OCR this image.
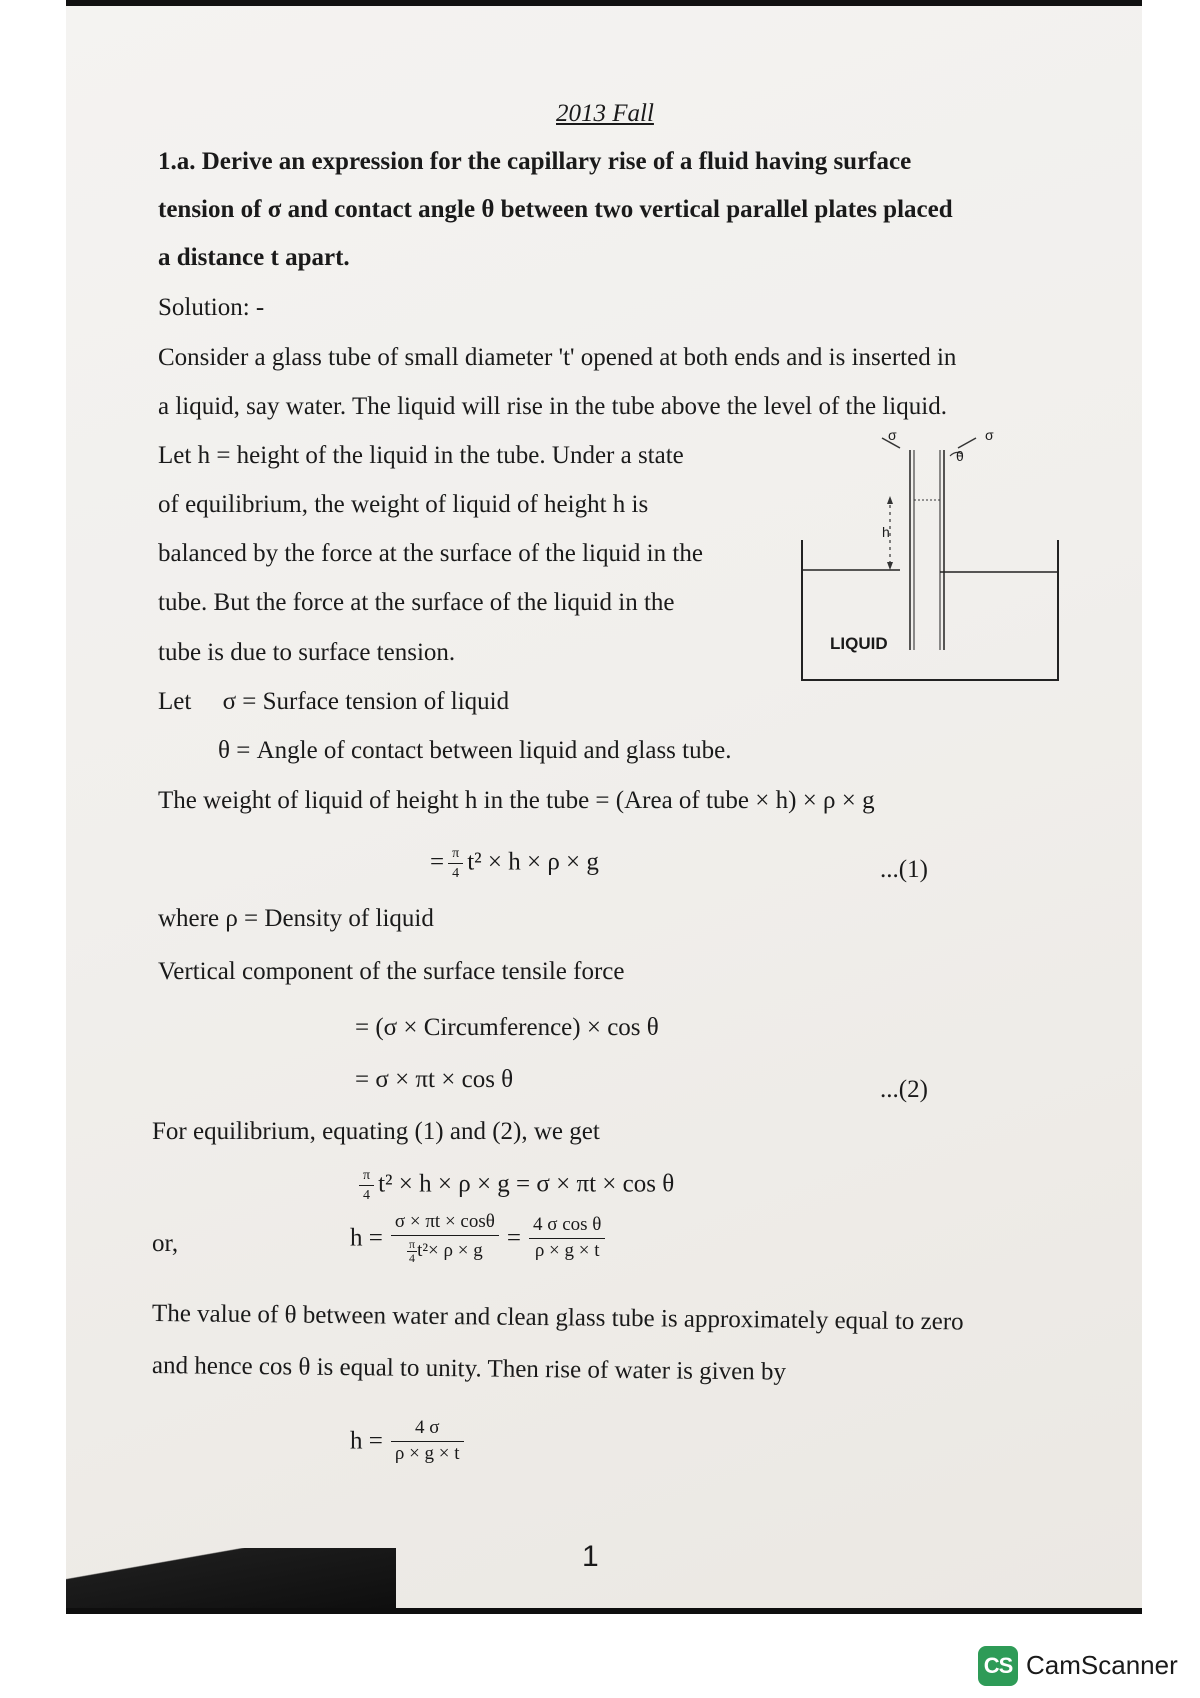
2013 Fall
1.a. Derive an expression for the capillary rise of a fluid having surface
tension of σ and contact angle θ between two vertical parallel plates placed
a distance t apart.
Solution: -
Consider a glass tube of small diameter 't' opened at both ends and is inserted in
a liquid, say water. The liquid will rise in the tube above the level of the liquid.
Let h = height of the liquid in the tube. Under a state
of equilibrium, the weight of liquid of height h is
balanced by the force at the surface of the liquid in the
tube. But the force at the surface of the liquid in the
tube is due to surface tension.
Let     σ = Surface tension of liquid
θ = Angle of contact between liquid and glass tube.
The weight of liquid of height h in the tube = (Area of tube × h) × ρ × g
= $\frac{\pi}{4} t^2 \times h \times \rho \times g$	...(1)
where ρ = Density of liquid
Vertical component of the surface tensile force
= (σ × Circumference) × cos θ
= σ × πt × cos θ	...(2)
For equilibrium, equating (1) and (2), we get
$\frac{\pi}{4} t^2 \times h \times \rho \times g = \sigma \times \pi t \times \cos \theta$
or,	$h = \frac{\sigma \times \pi t \times \cos\theta}{\frac{\pi}{4} t^2\times \rho \times g} = \frac{\text{4 σ cos θ}}{\rho \times g \times t}$
The value of θ between water and clean glass tube is approximately equal to zero
and hence cos θ is equal to unity. Then rise of water is given by
$h = \frac{4 \sigma}{\rho \times g \times t}$
1
σ	σ
θ
h
LIQUID
CS CamScanner
